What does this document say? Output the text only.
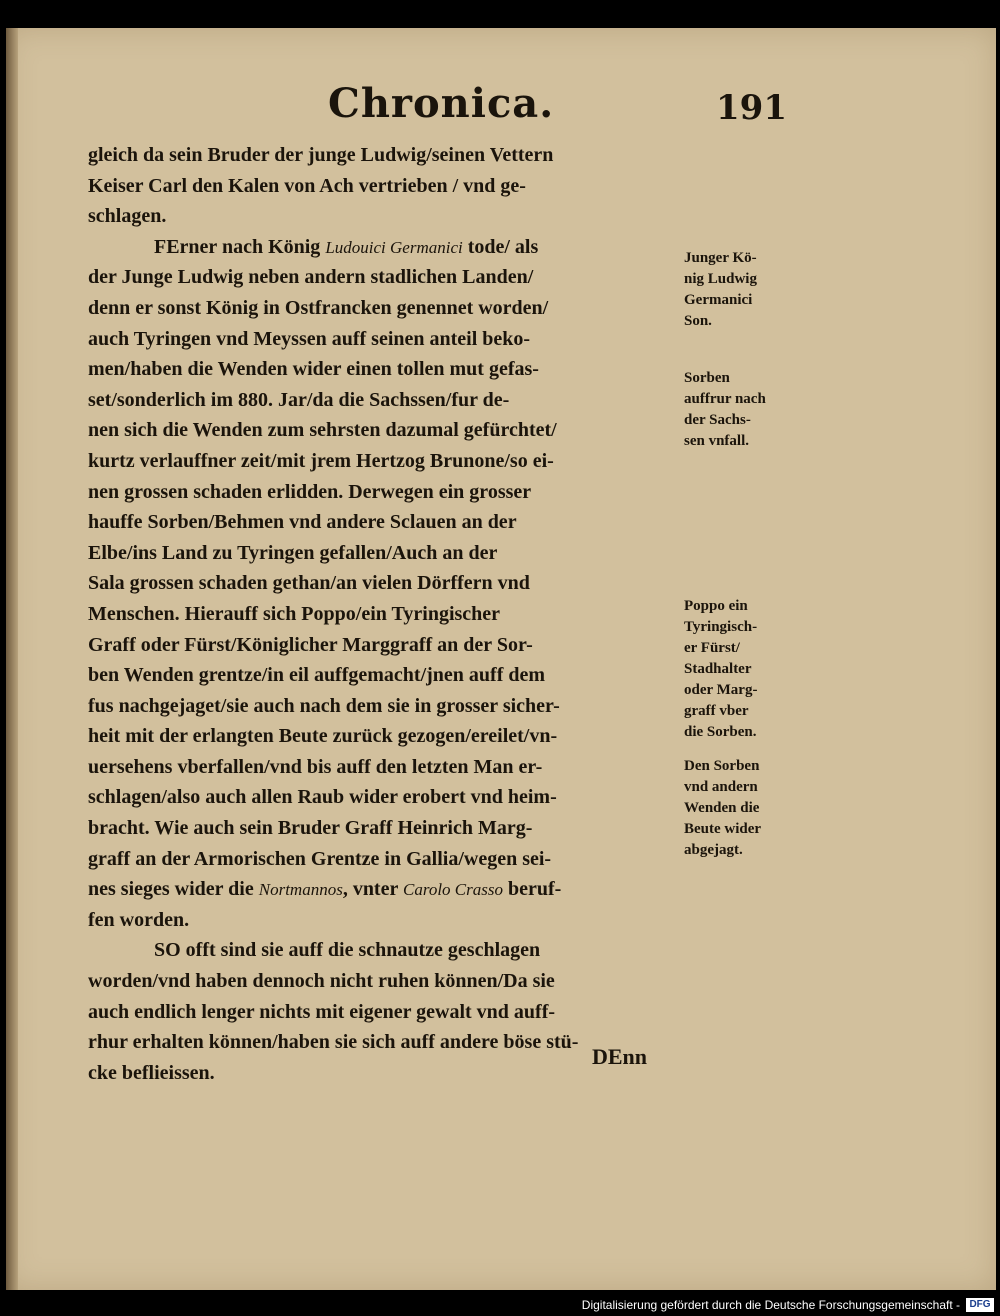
Chronica.	191
gleich da sein Bruder der junge Ludwig/seinen Vettern
Keiser Carl den Kalen von Ach vertrieben / vnd ge-
schlagen.
FErner nach König Ludouici Germanici tode/ als
der Junge Ludwig neben andern stadlichen Landen/
denn er sonst König in Ostfrancken genennet worden/
auch Tyringen vnd Meyssen auff seinen anteil beko-
men/haben die Wenden wider einen tollen mut gefas-
set/sonderlich im 880. Jar/da die Sachssen/fur de-
nen sich die Wenden zum sehrsten dazumal gefürchtet/
kurtz verlauffner zeit/mit jrem Hertzog Brunone/so ei-
nen grossen schaden erlidden. Derwegen ein grosser
hauffe Sorben/Behmen vnd andere Sclauen an der
Elbe/ins Land zu Tyringen gefallen/Auch an der
Sala grossen schaden gethan/an vielen Dörffern vnd
Menschen. Hierauff sich Poppo/ein Tyringischer
Graff oder Fürst/Königlicher Marggraff an der Sor-
ben Wenden grentze/in eil auffgemacht/jnen auff dem
fus nachgejaget/sie auch nach dem sie in grosser sicher-
heit mit der erlangten Beute zurück gezogen/ereilet/vn-
uersehens vberfallen/vnd bis auff den letzten Man er-
schlagen/also auch allen Raub wider erobert vnd heim-
bracht. Wie auch sein Bruder Graff Heinrich Marg-
graff an der Armorischen Grentze in Gallia/wegen sei-
nes sieges wider die Nortmannos, vnter Carolo Crasso beruf-
fen worden.
SO offt sind sie auff die schnautze geschlagen
worden/vnd haben dennoch nicht ruhen können/Da sie
auch endlich lenger nichts mit eigener gewalt vnd auff-
rhur erhalten können/haben sie sich auff andere böse stü-
cke beflieissen.
Junger Kö-
nig Ludwig
Germanici
Son.
Sorben
auffrur nach
der Sachs-
sen vnfall.
Poppo ein
Tyringisch-
er Fürst/
Stadhalter
oder Marg-
graff vber
die Sorben.
Den Sorben
vnd andern
Wenden die
Beute wider
abgejagt.
DEnn
Digitalisierung gefördert durch die Deutsche Forschungsgemeinschaft - DFG
